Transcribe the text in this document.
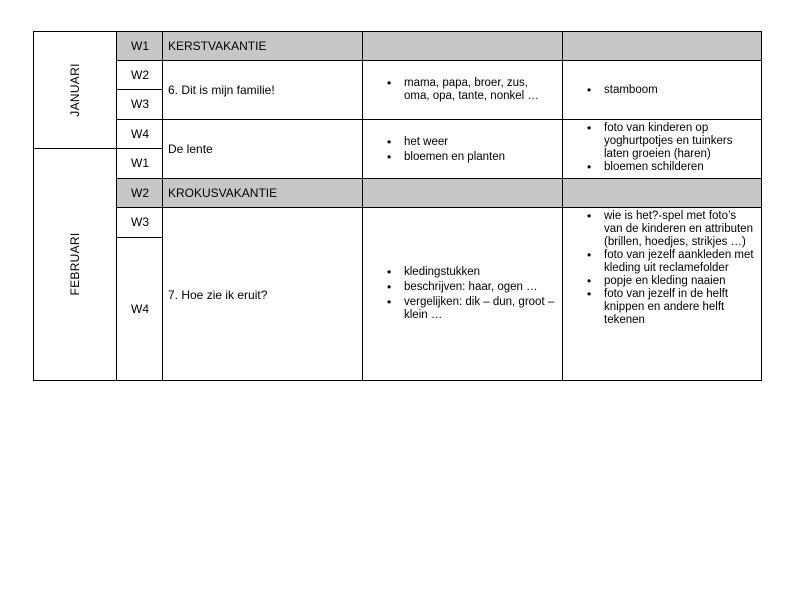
JANUARI
FEBRUARI
W1
W2
W3
W4
W1
W2
W3
W4
KERSTVAKANTIE
6. Dit is mijn familie!
De lente
KROKUSVAKANTIE
7. Hoe zie ik eruit?
• mama, papa, broer, zus, oma, opa, tante, nonkel …
• het weer
• bloemen en planten
• kledingstukken
• beschrijven: haar, ogen …
• vergelijken: dik – dun, groot – klein …
• stamboom
• foto van kinderen op yoghurtpotjes en tuinkers laten groeien (haren)
• bloemen schilderen
• wie is het?-spel met foto’s van de kinderen en attributen (brillen, hoedjes, strikjes …)
• foto van jezelf aankleden met kleding uit reclamefolder
• popje en kleding naaien
• foto van jezelf in de helft knippen en andere helft tekenen
